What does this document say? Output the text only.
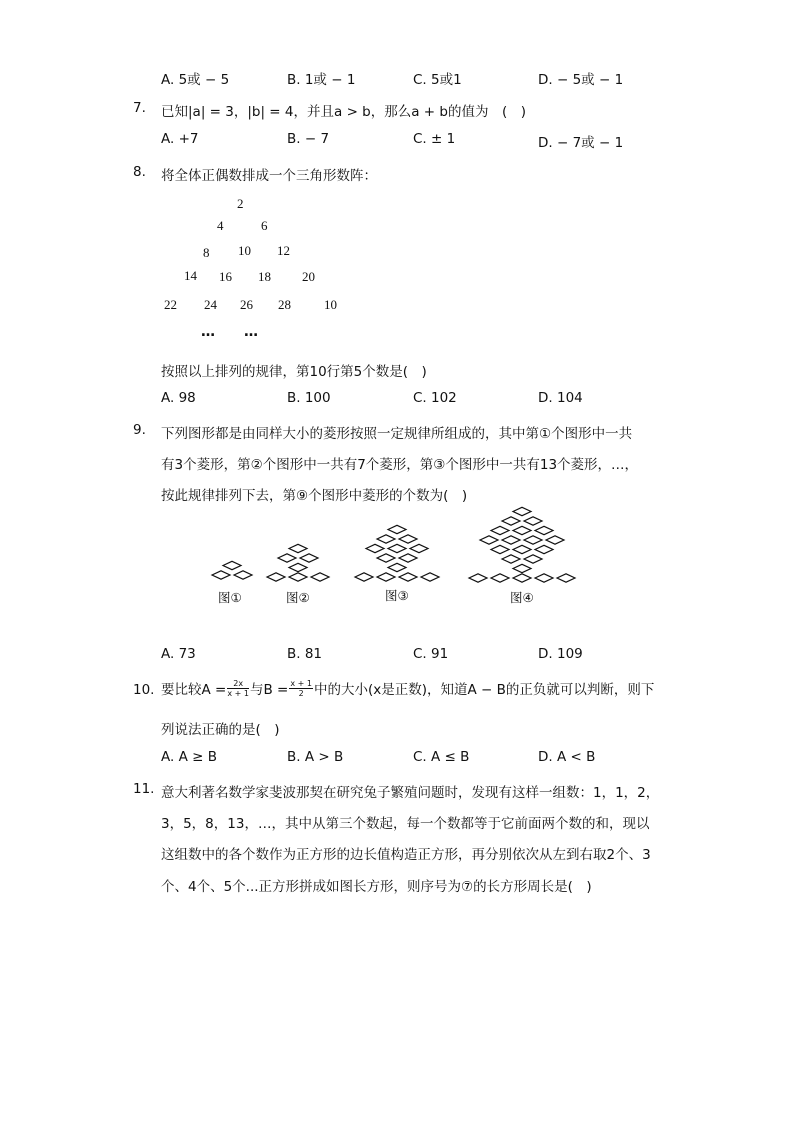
A. 5或 − 5	B. 1或 − 1	C. 5或1	D. − 5或 − 1
7. 已知|a| = 3，|b| = 4，并且a > b，那么a + b的值为　(　)
A. +7	B. − 7	C. ± 1	D. − 7或 − 1
8. 将全体正偶数排成一个三角形数阵：
2
4	6
8 10 12
14 16 18 20
22 24 26 28	10
… …
按照以上排列的规律，第10行第5个数是(　)
A. 98	B. 100	C. 102	D. 104
9. 下列图形都是由同样大小的菱形按照一定规律所组成的，其中第①个图形中一共
有3个菱形，第②个图形中一共有7个菱形，第③个图形中一共有13个菱形，…，
按此规律排列下去，第⑨个图形中菱形的个数为(　)
图①	图②	图③	图④
A. 73	B. 81	C. 91	D. 109
10. 要比较$A = \frac{2x}{x + 1}$ 与$B = \frac{x + 1}{2}$ 中的大小(x是正数)，知道A − B的正负就可以判断，则下
列说法正确的是(　)
A. A ≥ B	B. A > B	C. A ≤ B	D. A < B
11. 意大利著名数学家斐波那契在研究兔子繁殖问题时，发现有这样一组数：1，1，2，
3，5，8，13，…，其中从第三个数起，每一个数都等于它前面两个数的和，现以
这组数中的各个数作为正方形的边长值构造正方形，再分别依次从左到右取2个、3
个、4个、5个...正方形拼成如图长方形，则序号为⑦的长方形周长是(　)
